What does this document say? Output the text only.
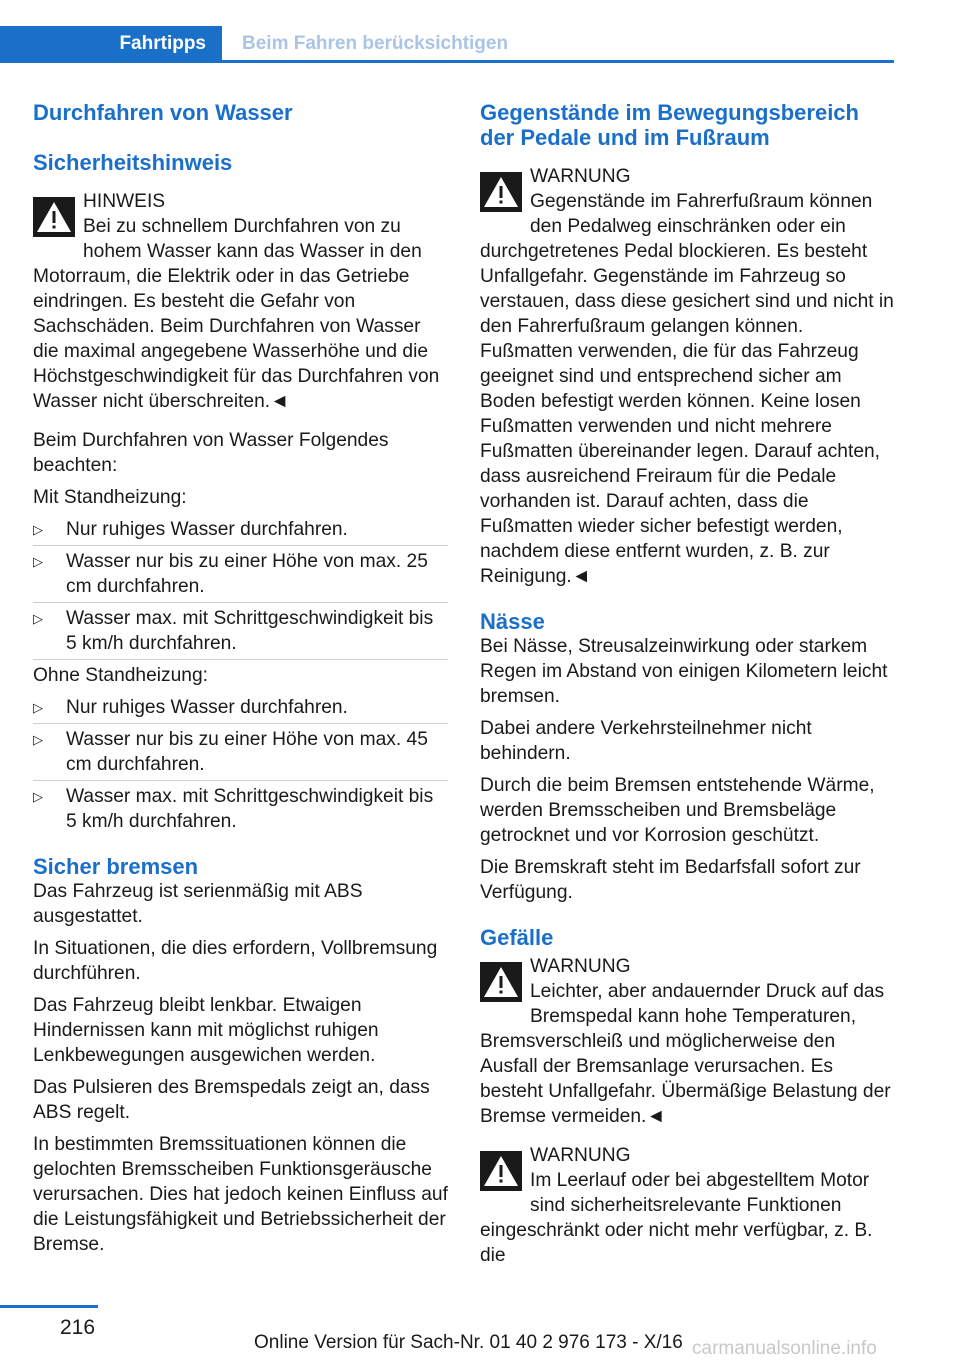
Fahrtipps	Beim Fahren berücksichtigen
Durchfahren von Wasser
Sicherheitshinweis
HINWEIS
Bei zu schnellem Durchfahren von zu hohem Wasser kann das Wasser in den Motorraum, die Elektrik oder in das Getriebe eindringen. Es besteht die Gefahr von Sachschäden. Beim Durchfahren von Wasser die maximal angegebene Wasserhöhe und die Höchstgeschwindigkeit für das Durchfahren von Wasser nicht überschreiten.◄

Beim Durchfahren von Wasser Folgendes beachten:

Mit Standheizung:

▷ Nur ruhiges Wasser durchfahren.
▷ Wasser nur bis zu einer Höhe von max. 25 cm durchfahren.
▷ Wasser max. mit Schrittgeschwindigkeit bis 5 km/h durchfahren.

Ohne Standheizung:

▷ Nur ruhiges Wasser durchfahren.
▷ Wasser nur bis zu einer Höhe von max. 45 cm durchfahren.
▷ Wasser max. mit Schrittgeschwindigkeit bis 5 km/h durchfahren.
Sicher bremsen

Das Fahrzeug ist serienmäßig mit ABS ausgestattet.

In Situationen, die dies erfordern, Vollbremsung durchführen.

Das Fahrzeug bleibt lenkbar. Etwaigen Hindernissen kann mit möglichst ruhigen Lenkbewegungen ausgewichen werden.

Das Pulsieren des Bremspedals zeigt an, dass ABS regelt.

In bestimmten Bremssituationen können die gelochten Bremsscheiben Funktionsgeräusche verursachen. Dies hat jedoch keinen Einfluss auf die Leistungsfähigkeit und Betriebssicherheit der Bremse.

Gegenstände im Bewegungsbereich der Pedale und im Fußraum
WARNUNG
Gegenstände im Fahrerfußraum können den Pedalweg einschränken oder ein durchgetretenes Pedal blockieren. Es besteht Unfallgefahr. Gegenstände im Fahrzeug so verstauen, dass diese gesichert sind und nicht in den Fahrerfußraum gelangen können. Fußmatten verwenden, die für das Fahrzeug geeignet sind und entsprechend sicher am Boden befestigt werden können. Keine losen Fußmatten verwenden und nicht mehrere Fußmatten übereinander legen. Darauf achten, dass ausreichend Freiraum für die Pedale vorhanden ist. Darauf achten, dass die Fußmatten wieder sicher befestigt werden, nachdem diese entfernt wurden, z. B. zur Reinigung.◄
Nässe

Bei Nässe, Streusalzeinwirkung oder starkem Regen im Abstand von einigen Kilometern leicht bremsen.

Dabei andere Verkehrsteilnehmer nicht behindern.

Durch die beim Bremsen entstehende Wärme, werden Bremsscheiben und Bremsbeläge getrocknet und vor Korrosion geschützt.

Die Bremskraft steht im Bedarfsfall sofort zur Verfügung.

Gefälle
WARNUNG
Leichter, aber andauernder Druck auf das Bremspedal kann hohe Temperaturen, Bremsverschleiß und möglicherweise den Ausfall der Bremsanlage verursachen. Es besteht Unfallgefahr. Übermäßige Belastung der Bremse vermeiden.◄
WARNUNG
Im Leerlauf oder bei abgestelltem Motor sind sicherheitsrelevante Funktionen eingeschränkt oder nicht mehr verfügbar, z. B. die
216
Online Version für Sach-Nr. 01 40 2 976 173 - X/16 carmanualsonline.info
